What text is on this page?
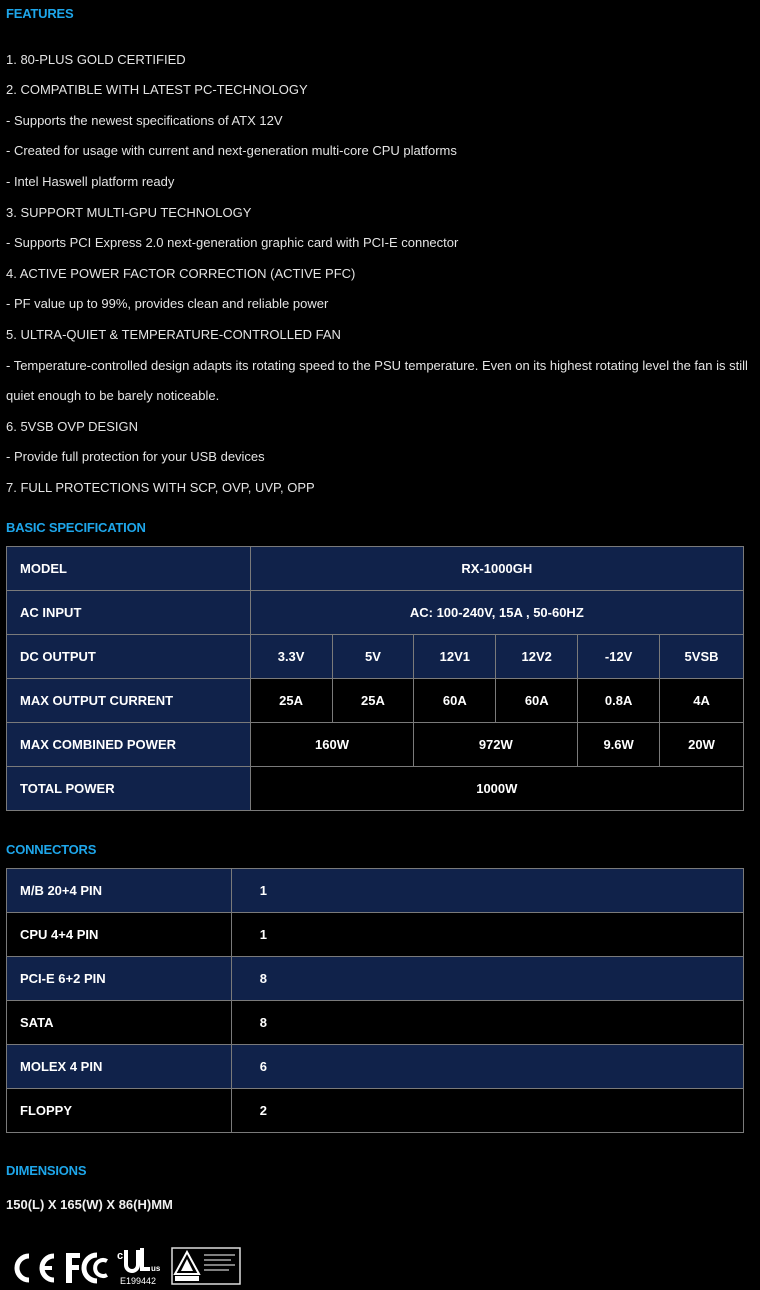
FEATURES
1. 80-PLUS GOLD CERTIFIED
2. COMPATIBLE WITH LATEST PC-TECHNOLOGY
- Supports the newest specifications of ATX 12V
- Created for usage with current and next-generation multi-core CPU platforms
- Intel Haswell platform ready
3. SUPPORT MULTI-GPU TECHNOLOGY
- Supports PCI Express 2.0 next-generation graphic card with PCI-E connector
4. ACTIVE POWER FACTOR CORRECTION (ACTIVE PFC)
- PF value up to 99%, provides clean and reliable power
5. ULTRA-QUIET & TEMPERATURE-CONTROLLED FAN
- Temperature-controlled design adapts its rotating speed to the PSU temperature. Even on its highest rotating level the fan is still quiet enough to be barely noticeable.
6. 5VSB OVP DESIGN
- Provide full protection for your USB devices
7. FULL PROTECTIONS WITH SCP, OVP, UVP, OPP
BASIC SPECIFICATION
MODEL	RX-1000GH					
AC INPUT	AC: 100-240V, 15A , 50-60HZ					
DC OUTPUT	3.3V	5V	12V1	12V2	-12V	5VSB
MAX OUTPUT CURRENT	25A	25A	60A	60A	0.8A	4A
MAX COMBINED POWER	160W		972W		9.6W	20W
TOTAL POWER	1000W					
CONNECTORS
M/B 20+4 PIN	1
CPU 4+4 PIN	1
PCI-E 6+2 PIN	8
SATA	8
MOLEX 4 PIN	6
FLOPPY	2
DIMENSIONS
150(L) X 165(W) X 86(H)MM
c
us
E199442
